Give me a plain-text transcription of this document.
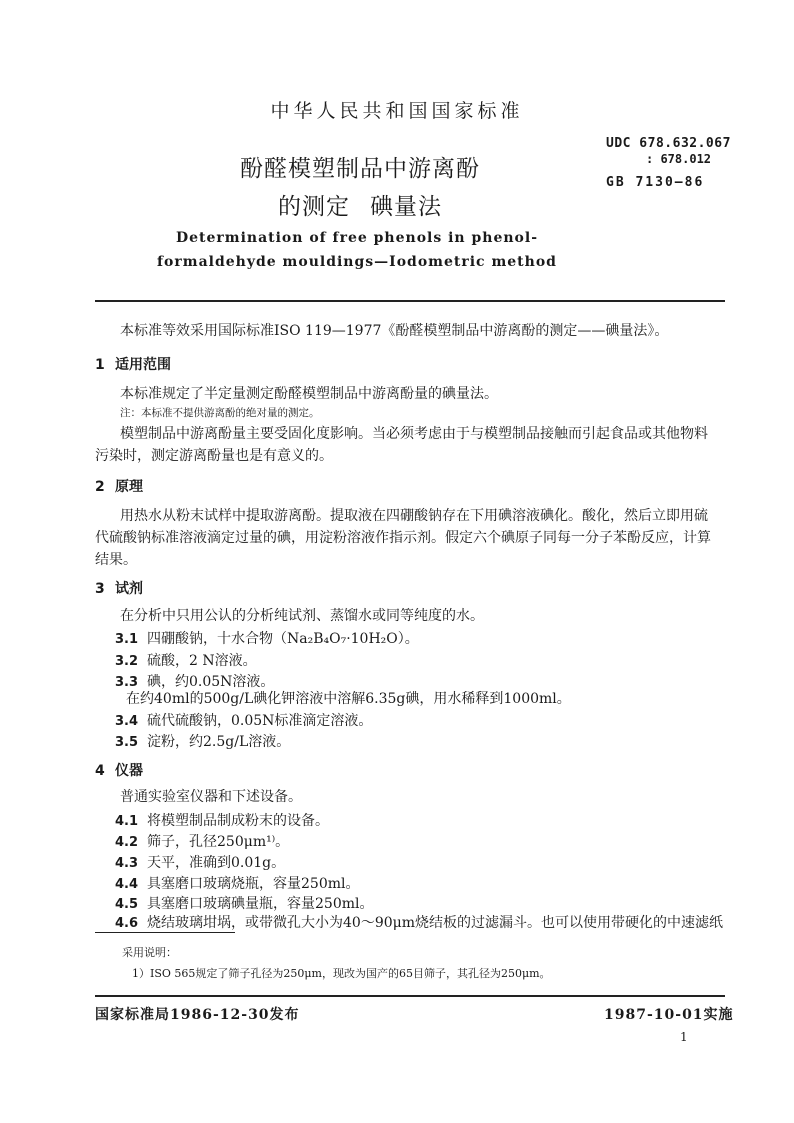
中华人民共和国国家标准
UDC 678.632.067
: 678.012
GB 7130—86
酚醛模塑制品中游离酚
的测定 碘量法
Determination of free phenols in phenol-
formaldehyde mouldings—Iodometric method
本标准等效采用国际标准ISO 119—1977《酚醛模塑制品中游离酚的测定——碘量法》。
1 适用范围
本标准规定了半定量测定酚醛模塑制品中游离酚量的碘量法。
注：本标准不提供游离酚的绝对量的测定。
模塑制品中游离酚量主要受固化度影响。当必须考虑由于与模塑制品接触而引起食品或其他物料
污染时，测定游离酚量也是有意义的。
2 原理
用热水从粉末试样中提取游离酚。提取液在四硼酸钠存在下用碘溶液碘化。酸化，然后立即用硫
代硫酸钠标准溶液滴定过量的碘，用淀粉溶液作指示剂。假定六个碘原子同每一分子苯酚反应，计算
结果。
3 试剂
在分析中只用公认的分析纯试剂、蒸馏水或同等纯度的水。
3.1 四硼酸钠，十水合物（Na₂B₄O₇·10H₂O）。
3.2 硫酸，2 N溶液。
3.3 碘，约0.05N溶液。
在约40ml的500g/L碘化钾溶液中溶解6.35g碘，用水稀释到1000ml。
3.4 硫代硫酸钠，0.05N标准滴定溶液。
3.5 淀粉，约2.5g/L溶液。
4 仪器
普通实验室仪器和下述设备。
4.1 将模塑制品制成粉末的设备。
4.2 筛子，孔径250μm¹⁾。
4.3 天平，准确到0.01g。
4.4 具塞磨口玻璃烧瓶，容量250ml。
4.5 具塞磨口玻璃碘量瓶，容量250ml。
4.6 烧结玻璃坩埚，或带微孔大小为40～90μm烧结板的过滤漏斗。也可以使用带硬化的中速滤纸
采用说明：
1）ISO 565规定了筛子孔径为250μm，现改为国产的65目筛子，其孔径为250μm。
国家标准局1986-12-30发布	1987-10-01实施
1
